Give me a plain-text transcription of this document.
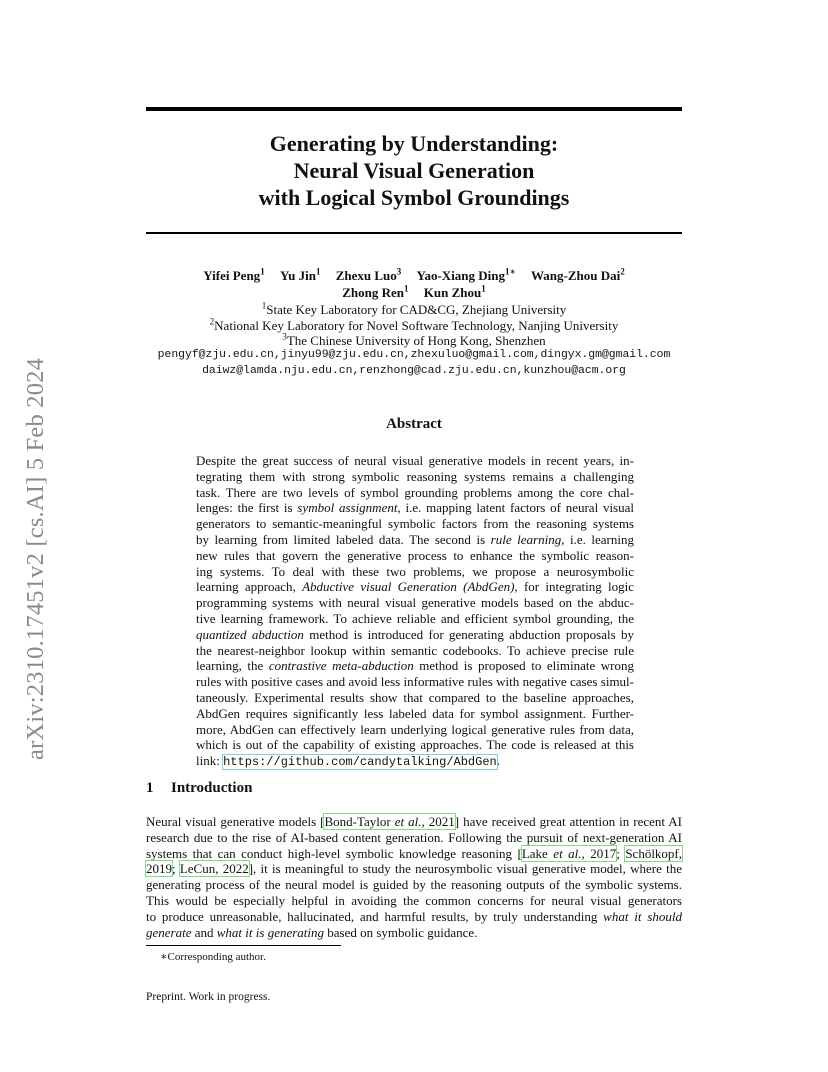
arXiv:2310.17451v2 [cs.AI] 5 Feb 2024
Generating by Understanding:
Neural Visual Generation
with Logical Symbol Groundings
Yifei Peng$^1$ Yu Jin$^1$ Zhexu Luo$^3$ Yao-Xiang Ding$^{1∗}$ Wang-Zhou Dai$^2$
Zhong Ren$^1$ Kun Zhou$^1$
$^1$State Key Laboratory for CAD&CG, Zhejiang University
$^2$National Key Laboratory for Novel Software Technology, Nanjing University
$^3$The Chinese University of Hong Kong, Shenzhen
pengyf@zju.edu.cn,jinyu99@zju.edu.cn,zhexuluo@gmail.com,dingyx.gm@gmail.com
daiwz@lamda.nju.edu.cn,renzhong@cad.zju.edu.cn,kunzhou@acm.org
Abstract
Despite the great success of neural visual generative models in recent years, in-
tegrating them with strong symbolic reasoning systems remains a challenging
task. There are two levels of symbol grounding problems among the core chal-
lenges: the first is symbol assignment, i.e. mapping latent factors of neural visual
generators to semantic-meaningful symbolic factors from the reasoning systems
by learning from limited labeled data. The second is rule learning, i.e. learning
new rules that govern the generative process to enhance the symbolic reason-
ing systems. To deal with these two problems, we propose a neurosymbolic
learning approach, Abductive visual Generation (AbdGen), for integrating logic
programming systems with neural visual generative models based on the abduc-
tive learning framework. To achieve reliable and efficient symbol grounding, the
quantized abduction method is introduced for generating abduction proposals by
the nearest-neighbor lookup within semantic codebooks. To achieve precise rule
learning, the contrastive meta-abduction method is proposed to eliminate wrong
rules with positive cases and avoid less informative rules with negative cases simul-
taneously. Experimental results show that compared to the baseline approaches,
AbdGen requires significantly less labeled data for symbol assignment. Further-
more, AbdGen can effectively learn underlying logical generative rules from data,
which is out of the capability of existing approaches. The code is released at this
link: https://github.com/candytalking/AbdGen.
1 Introduction
Neural visual generative models [Bond-Taylor et al., 2021] have received great attention in recent AI
research due to the rise of AI-based content generation. Following the pursuit of next-generation AI
systems that can conduct high-level symbolic knowledge reasoning [Lake et al., 2017; Schölkopf,
2019; LeCun, 2022], it is meaningful to study the neurosymbolic visual generative model, where the
generating process of the neural model is guided by the reasoning outputs of the symbolic systems.
This would be especially helpful in avoiding the common concerns for neural visual generators
to produce unreasonable, hallucinated, and harmful results, by truly understanding what it should
generate and what it is generating based on symbolic guidance.
∗Corresponding author.
Preprint. Work in progress.
